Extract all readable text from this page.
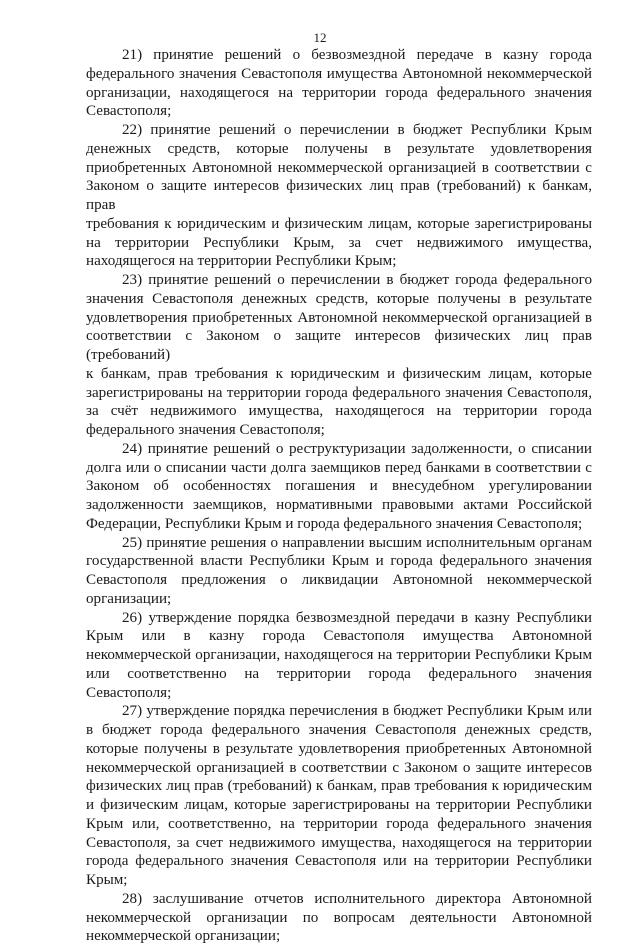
12

21) принятие решений о безвозмездной передаче в казну города
федерального значения Севастополя имущества Автономной некоммерческой
организации, находящегося на территории города федерального значения
Севастополя;

22) принятие решений о перечислении в бюджет Республики Крым
денежных средств, которые получены в результате удовлетворения
приобретенных Автономной некоммерческой организацией в соответствии с
Законом о защите интересов физических лиц прав (требований) к банкам, прав
требования к юридическим и физическим лицам, которые зарегистрированы
на территории Республики Крым, за счет недвижимого имущества,
находящегося на территории Республики Крым;

23) принятие решений о перечислении в бюджет города федерального
значения Севастополя денежных средств, которые получены в результате
удовлетворения приобретенных Автономной некоммерческой организацией в
соответствии с Законом о защите интересов физических лиц прав (требований)
к банкам, прав требования к юридическим и физическим лицам, которые
зарегистрированы на территории города федерального значения Севастополя,
за счёт недвижимого имущества, находящегося на территории города
федерального значения Севастополя;

24) принятие решений о реструктуризации задолженности, о списании
долга или о списании части долга заемщиков перед банками в соответствии с
Законом об особенностях погашения и внесудебном урегулировании
задолженности заемщиков, нормативными правовыми актами Российской
Федерации, Республики Крым и города федерального значения Севастополя;

25) принятие решения о направлении высшим исполнительным органам
государственной власти Республики Крым и города федерального значения
Севастополя предложения о ликвидации Автономной некоммерческой
организации;

26) утверждение порядка безвозмездной передачи в казну Республики
Крым или в казну города Севастополя имущества Автономной
некоммерческой организации, находящегося на территории Республики Крым
или соответственно на территории города федерального значения
Севастополя;

27) утверждение порядка перечисления в бюджет Республики Крым или
в бюджет города федерального значения Севастополя денежных средств,
которые получены в результате удовлетворения приобретенных Автономной
некоммерческой организацией в соответствии с Законом о защите интересов
физических лиц прав (требований) к банкам, прав требования к юридическим
и физическим лицам, которые зарегистрированы на территории Республики
Крым или, соответственно, на территории города федерального значения
Севастополя, за счет недвижимого имущества, находящегося на территории
города федерального значения Севастополя или на территории Республики
Крым;

28) заслушивание отчетов исполнительного директора Автономной
некоммерческой организации по вопросам деятельности Автономной
некоммерческой организации;
